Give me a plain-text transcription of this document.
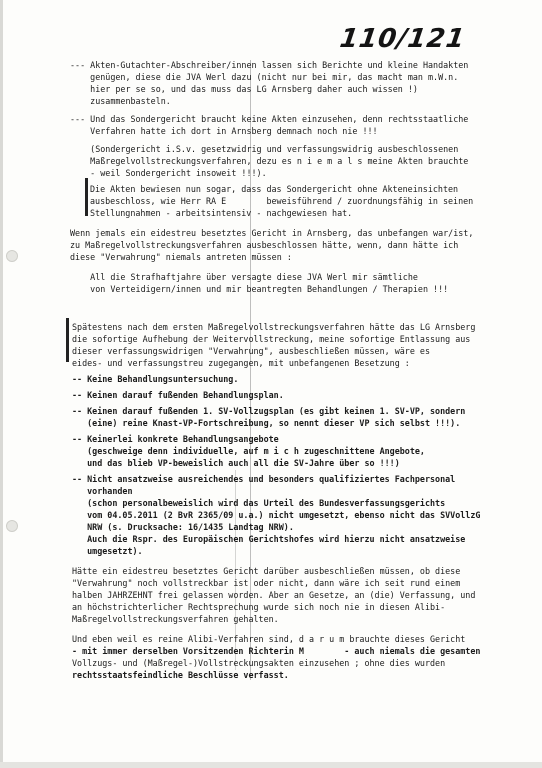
110/121
--- Akten-Gutachter-Abschreiber/innen lassen sich Berichte und kleine Handakten
genügen, diese die JVA Werl dazu (nicht nur bei mir, das macht man m.W.n.
hier per se so, und das muss das LG Arnsberg daher auch wissen !)
zusammenbasteln.
--- Und das Sondergericht braucht keine Akten einzusehen, denn rechtsstaatliche
Verfahren hatte ich dort in Arnsberg demnach noch nie !!!
(Sondergericht i.S.v. gesetzwidrig und verfassungswidrig ausbeschlossenen
Maßregelvollstreckungsverfahren, dezu es n i e m a l s meine Akten brauchte
- weil Sondergericht insoweit !!!).
Die Akten bewiesen nun sogar, dass das Sondergericht ohne Akteneinsichten
ausbeschloss, wie Herr RA E        beweisführend / zuordnungsfähig in seinen
Stellungnahmen - arbeitsintensiv - nachgewiesen hat.
Wenn jemals ein eidestreu besetztes Gericht in Arnsberg, das unbefangen war/ist,
zu Maßregelvollstreckungsverfahren ausbeschlossen hätte, wenn, dann hätte ich
diese "Verwahrung" niemals antreten müssen :
All die Strafhaftjahre über versagte diese JVA Werl mir sämtliche
von Verteidigern/innen und mir beantregten Behandlungen / Therapien !!!
Spätestens nach dem ersten Maßregelvollstreckungsverfahren hätte das LG Arnsberg
die sofortige Aufhebung der Weitervollstreckung, meine sofortige Entlassung aus
dieser verfassungswidrigen "Verwahrung", ausbeschließen müssen, wäre es
eides- und verfassungstreu zugegangen, mit unbefangenen Besetzung :
-- Keine Behandlungsuntersuchung.
-- Keinen darauf fußenden Behandlungsplan.
-- Keinen darauf fußenden 1. SV-Vollzugsplan (es gibt keinen 1. SV-VP, sondern
(eine) reine Knast-VP-Fortschreibung, so nennt dieser VP sich selbst !!!).
-- Keinerlei konkrete Behandlungsangebote
(geschweige denn individuelle, auf m i c h zugeschnittene Angebote,
und das blieb VP-beweislich auch all die SV-Jahre über so !!!)
-- Nicht ansatzweise ausreichendes und besonders qualifiziertes Fachpersonal
vorhanden
(schon personalbeweislich wird das Urteil des Bundesverfassungsgerichts
vom 04.05.2011 (2 BvR 2365/09 u.a.) nicht umgesetzt, ebenso nicht das SVVollzG
NRW (s. Drucksache: 16/1435 Landtag NRW).
Auch die Rspr. des Europäischen Gerichtshofes wird hierzu nicht ansatzweise
umgesetzt).
Hätte ein eidestreu besetztes Gericht darüber ausbeschließen müssen, ob diese
"Verwahrung" noch vollstreckbar ist oder nicht, dann wäre ich seit rund einem
halben JAHRZEHNT frei gelassen worden. Aber an Gesetze, an (die) Verfassung, und
an höchstrichterlicher Rechtsprechung wurde sich noch nie in diesen Alibi-
Maßregelvollstreckungsverfahren gehalten.
Und eben weil es reine Alibi-Verfahren sind, d a r u m brauchte dieses Gericht
- mit immer derselben Vorsitzenden Richterin M        - auch niemals die gesamten
Vollzugs- und (Maßregel-)Vollstreckungsakten einzusehen ; ohne dies wurden
rechtsstaatsfeindliche Beschlüsse verfasst.
